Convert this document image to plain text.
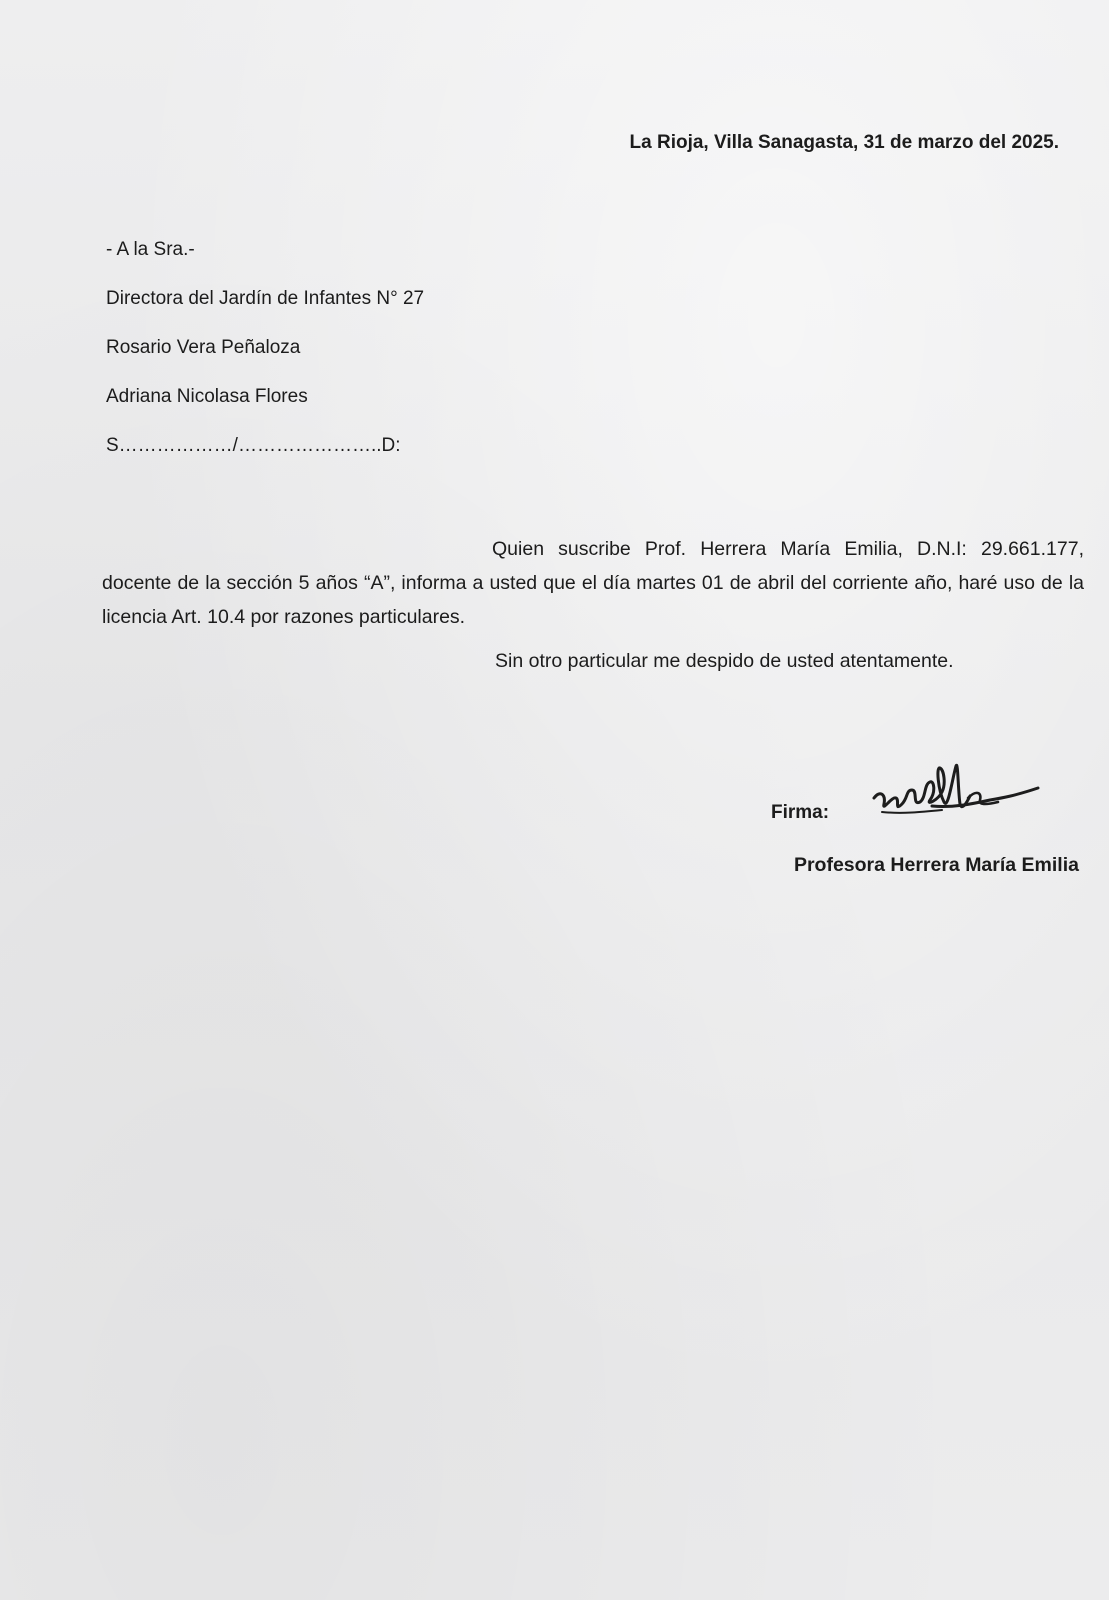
La Rioja, Villa Sanagasta, 31 de marzo del 2025.
- A la Sra.-
Directora del Jardín de Infantes N° 27
Rosario Vera Peñaloza
Adriana Nicolasa Flores
S………………/…………………..D:
Quien suscribe Prof. Herrera María Emilia, D.N.I: 29.661.177, docente de la sección 5 años “A”, informa a usted que el día martes 01 de abril del corriente año, haré uso de la licencia Art. 10.4 por razones particulares.
Sin otro particular me despido de usted atentamente.
Firma:
Profesora Herrera María Emilia
